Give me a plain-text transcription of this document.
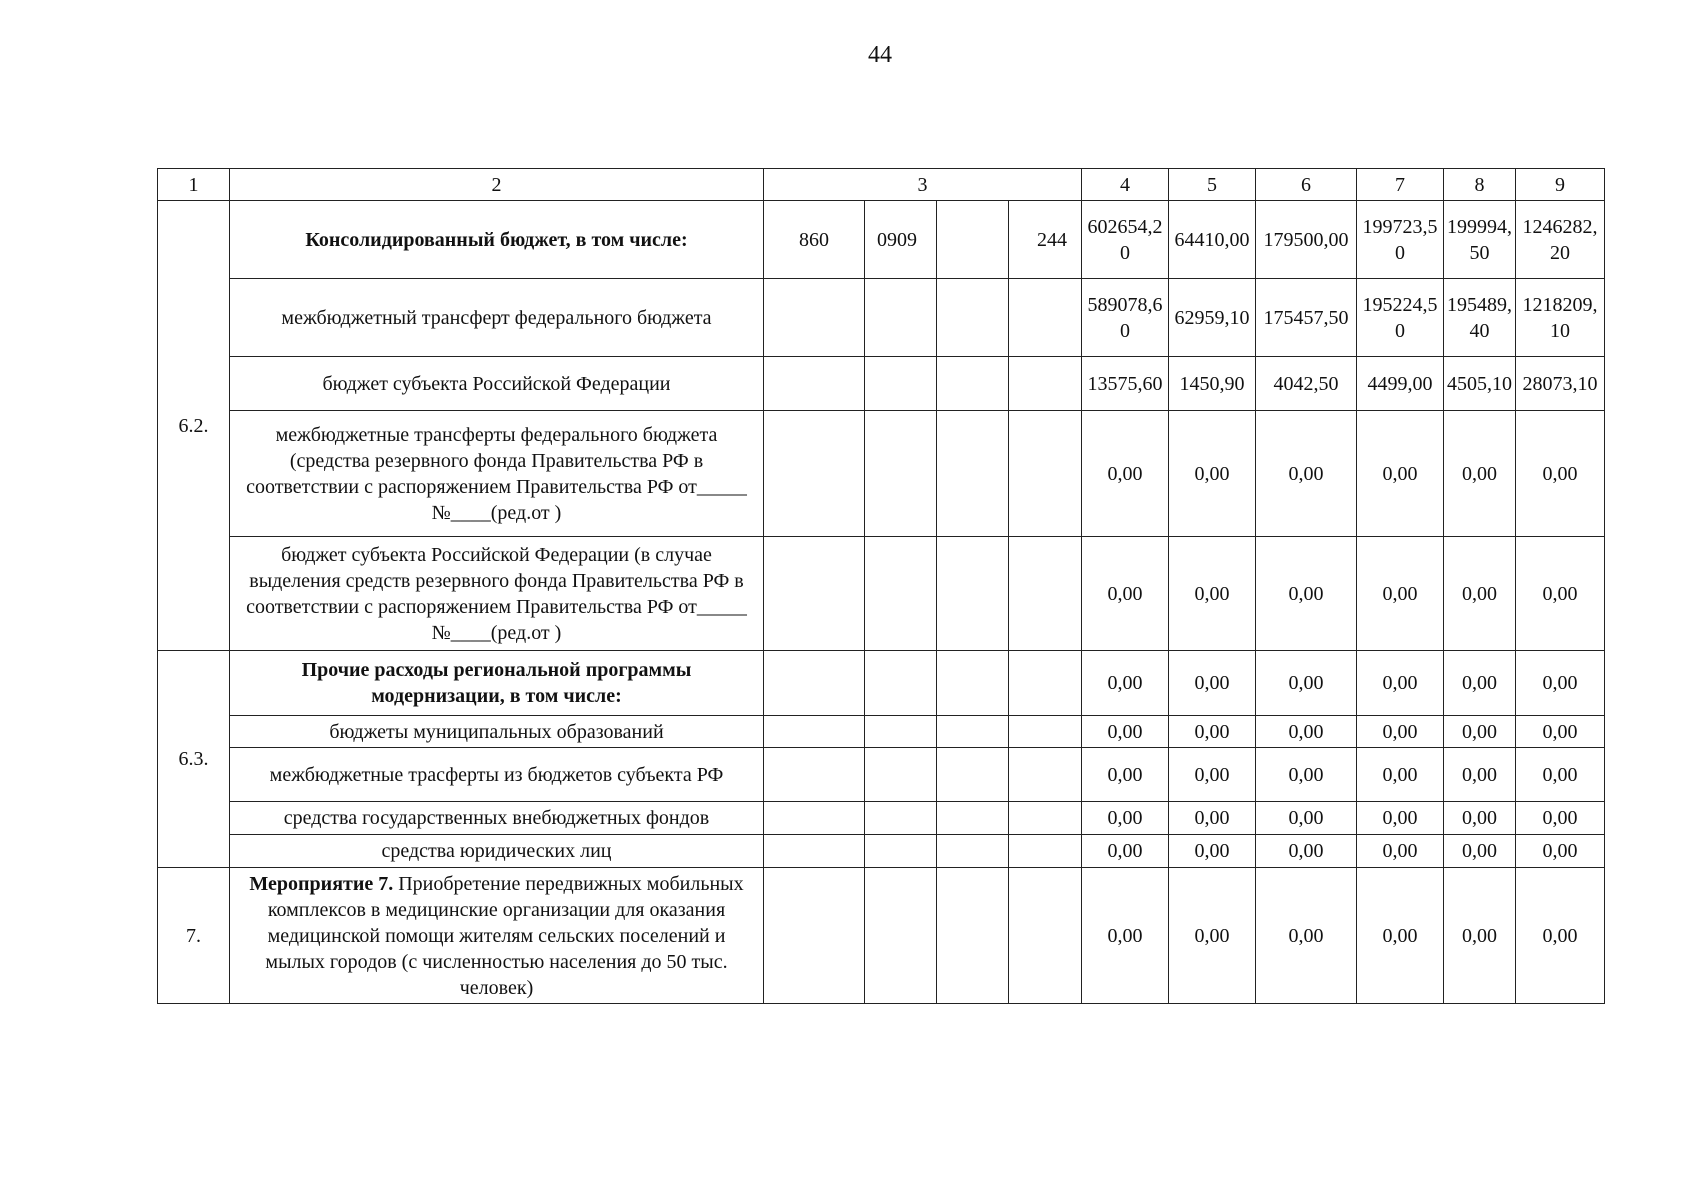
44
1	2	3				4	5	6	7	8	9
6.2.	Консолидированный бюджет, в том числе:	860	0909		244	602654,20	64410,00	179500,00	199723,50	199994,50	1246282,20
	межбюджетный трансферт федерального бюджета					589078,60	62959,10	175457,50	195224,50	195489,40	1218209,10
	бюджет субъекта Российской Федерации					13575,60	1450,90	4042,50	4499,00	4505,10	28073,10
	межбюджетные трансферты федерального бюджета (средства резервного фонда Правительства РФ в соответствии с распоряжением Правительства РФ от_____ №____(ред.от )					0,00	0,00	0,00	0,00	0,00	0,00
	бюджет субъекта Российской Федерации (в случае выделения средств резервного фонда Правительства РФ в соответствии с распоряжением Правительства РФ от_____ №____(ред.от )					0,00	0,00	0,00	0,00	0,00	0,00
6.3.	Прочие расходы региональной программы модернизации, в том числе:					0,00	0,00	0,00	0,00	0,00	0,00
	бюджеты муниципальных образований					0,00	0,00	0,00	0,00	0,00	0,00
	межбюджетные трасферты из бюджетов субъекта РФ					0,00	0,00	0,00	0,00	0,00	0,00
	средства государственных внебюджетных фондов					0,00	0,00	0,00	0,00	0,00	0,00
	средства юридических лиц					0,00	0,00	0,00	0,00	0,00	0,00
7.	Мероприятие 7. Приобретение передвижных мобильных комплексов в медицинские организации для оказания медицинской помощи жителям сельских поселений и мылых городов (с численностью населения до 50 тыс. человек)					0,00	0,00	0,00	0,00	0,00	0,00
